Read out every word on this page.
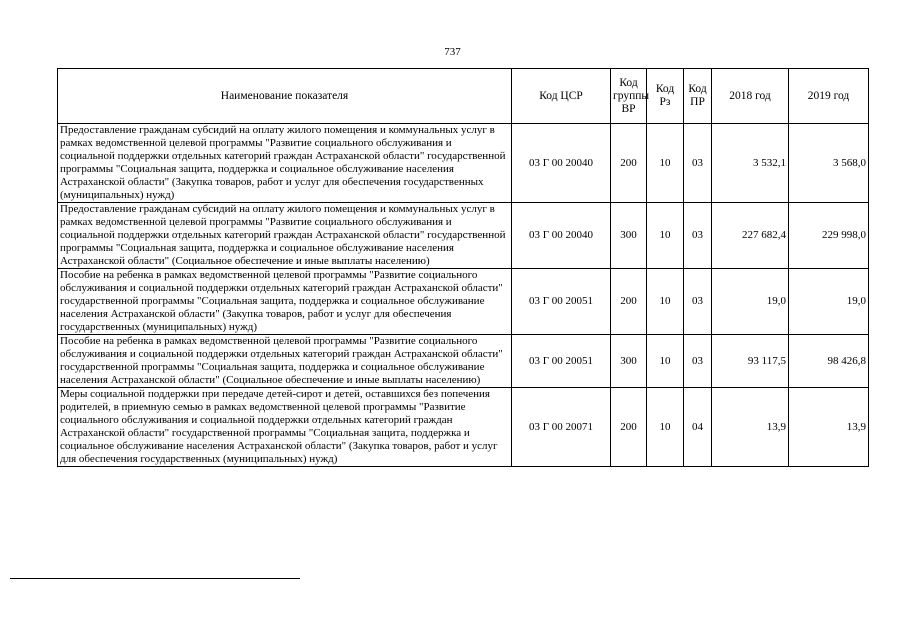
737
Наименование показателя	Код ЦСР	Код группы ВР	Код Рз	Код ПР	2018 год	2019 год
Предоставление гражданам субсидий на оплату жилого помещения и коммунальных услуг в рамках ведомственной целевой программы "Развитие социального обслуживания и социальной поддержки отдельных категорий граждан Астраханской области" государственной программы "Социальная защита, поддержка и социальное обслуживание населения Астраханской области" (Закупка товаров, работ и услуг для обеспечения государственных (муниципальных) нужд)	03 Г 00 20040	200	10	03	3 532,1	3 568,0
Предоставление гражданам субсидий на оплату жилого помещения и коммунальных услуг в рамках ведомственной целевой программы "Развитие социального обслуживания и социальной поддержки отдельных категорий граждан Астраханской области" государственной программы "Социальная защита, поддержка и социальное обслуживание населения Астраханской области" (Социальное обеспечение и иные выплаты населению)	03 Г 00 20040	300	10	03	227 682,4	229 998,0
Пособие на ребенка в рамках ведомственной целевой программы "Развитие социального обслуживания и социальной поддержки отдельных категорий граждан Астраханской области" государственной программы "Социальная защита, поддержка и социальное обслуживание населения Астраханской области" (Закупка товаров, работ и услуг для обеспечения государственных (муниципальных) нужд)	03 Г 00 20051	200	10	03	19,0	19,0
Пособие на ребенка в рамках ведомственной целевой программы "Развитие социального обслуживания и социальной поддержки отдельных категорий граждан Астраханской области" государственной программы "Социальная защита, поддержка и социальное обслуживание населения Астраханской области" (Социальное обеспечение и иные выплаты населению)	03 Г 00 20051	300	10	03	93 117,5	98 426,8
Меры социальной поддержки при передаче детей-сирот и детей, оставшихся без попечения родителей, в приемную семью в рамках ведомственной целевой программы "Развитие социального обслуживания и социальной поддержки отдельных категорий граждан Астраханской области" государственной программы "Социальная защита, поддержка и социальное обслуживание населения Астраханской области" (Закупка товаров, работ и услуг для обеспечения государственных (муниципальных) нужд)	03 Г 00 20071	200	10	04	13,9	13,9
